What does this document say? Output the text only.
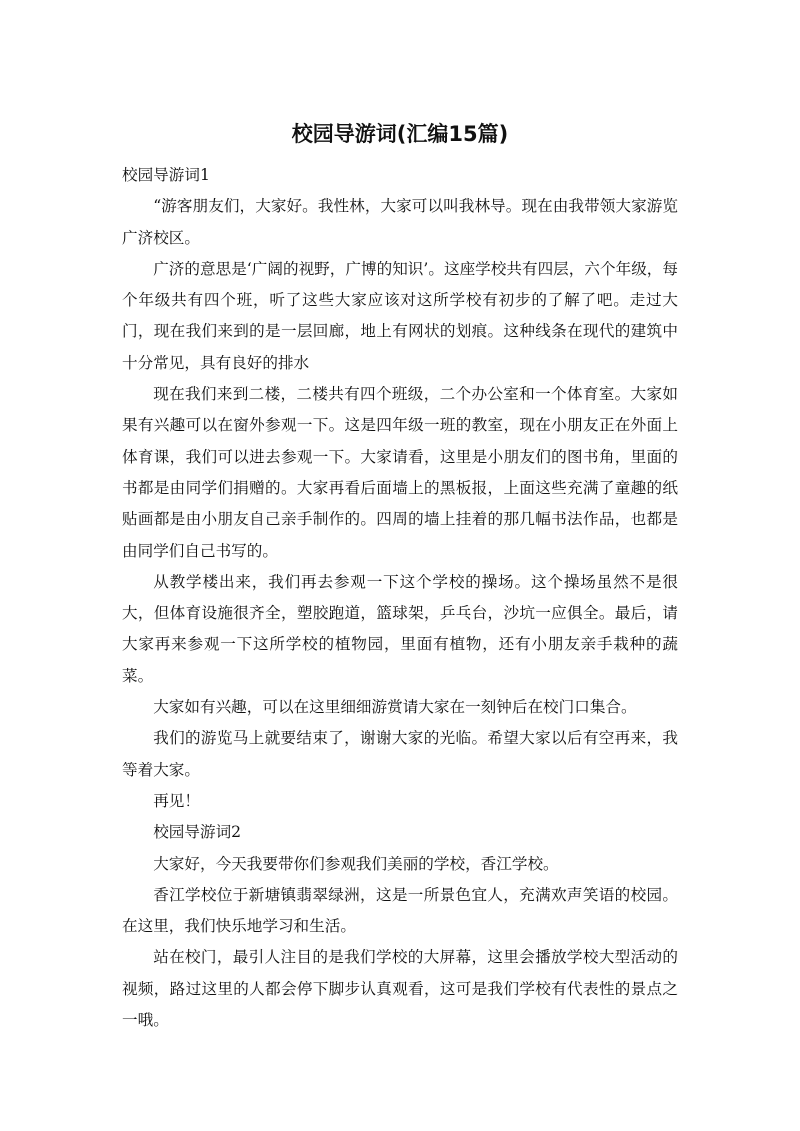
校园导游词(汇编15篇)

校园导游词1

“游客朋友们，大家好。我性林，大家可以叫我林导。现在由我带领大家游览广济校区。

广济的意思是‘广阔的视野，广博的知识’。这座学校共有四层，六个年级，每个年级共有四个班，听了这些大家应该对这所学校有初步的了解了吧。走过大门，现在我们来到的是一层回廊，地上有网状的划痕。这种线条在现代的建筑中十分常见，具有良好的排水

现在我们来到二楼，二楼共有四个班级，二个办公室和一个体育室。大家如果有兴趣可以在窗外参观一下。这是四年级一班的教室，现在小朋友正在外面上体育课，我们可以进去参观一下。大家请看，这里是小朋友们的图书角，里面的书都是由同学们捐赠的。大家再看后面墙上的黑板报，上面这些充满了童趣的纸贴画都是由小朋友自己亲手制作的。四周的墙上挂着的那几幅书法作品，也都是由同学们自己书写的。

从教学楼出来，我们再去参观一下这个学校的操场。这个操场虽然不是很大，但体育设施很齐全，塑胶跑道，篮球架，乒乓台，沙坑一应俱全。最后，请大家再来参观一下这所学校的植物园，里面有植物，还有小朋友亲手栽种的蔬菜。

大家如有兴趣，可以在这里细细游赏请大家在一刻钟后在校门口集合。

我们的游览马上就要结束了，谢谢大家的光临。希望大家以后有空再来，我等着大家。

再见！

校园导游词2

大家好，今天我要带你们参观我们美丽的学校，香江学校。

香江学校位于新塘镇翡翠绿洲，这是一所景色宜人，充满欢声笑语的校园。在这里，我们快乐地学习和生活。

站在校门，最引人注目的是我们学校的大屏幕，这里会播放学校大型活动的视频，路过这里的人都会停下脚步认真观看，这可是我们学校有代表性的景点之一哦。
